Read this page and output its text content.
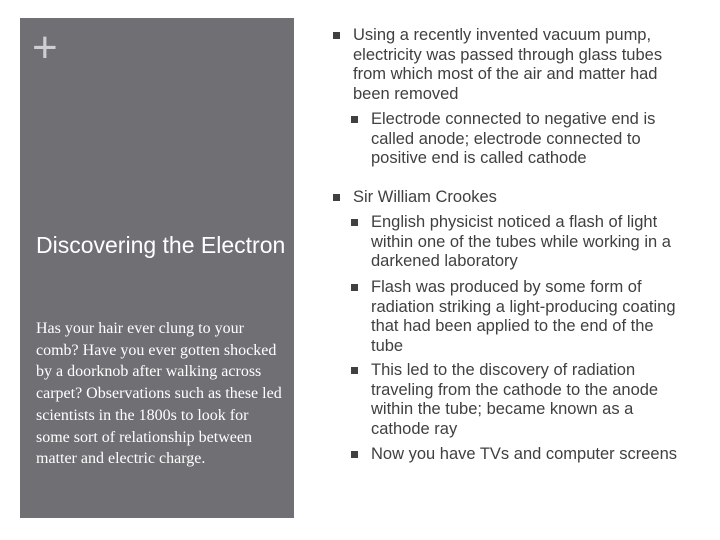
+
Discovering the Electron
Has your hair ever clung to your comb? Have you ever gotten shocked by a doorknob after walking across carpet? Observations such as these led scientists in the 1800s to look for some sort of relationship between matter and electric charge.
Using a recently invented vacuum pump, electricity was passed through glass tubes from which most of the air and matter had been removed
Electrode connected to negative end is called anode; electrode connected to positive end is called cathode
Sir William Crookes
English physicist noticed a flash of light within one of the tubes while working in a darkened laboratory
Flash was produced by some form of radiation striking a light-producing coating that had been applied to the end of the tube
This led to the discovery of radiation traveling from the cathode to the anode within the tube; became known as a cathode ray
Now you have TVs and computer screens
